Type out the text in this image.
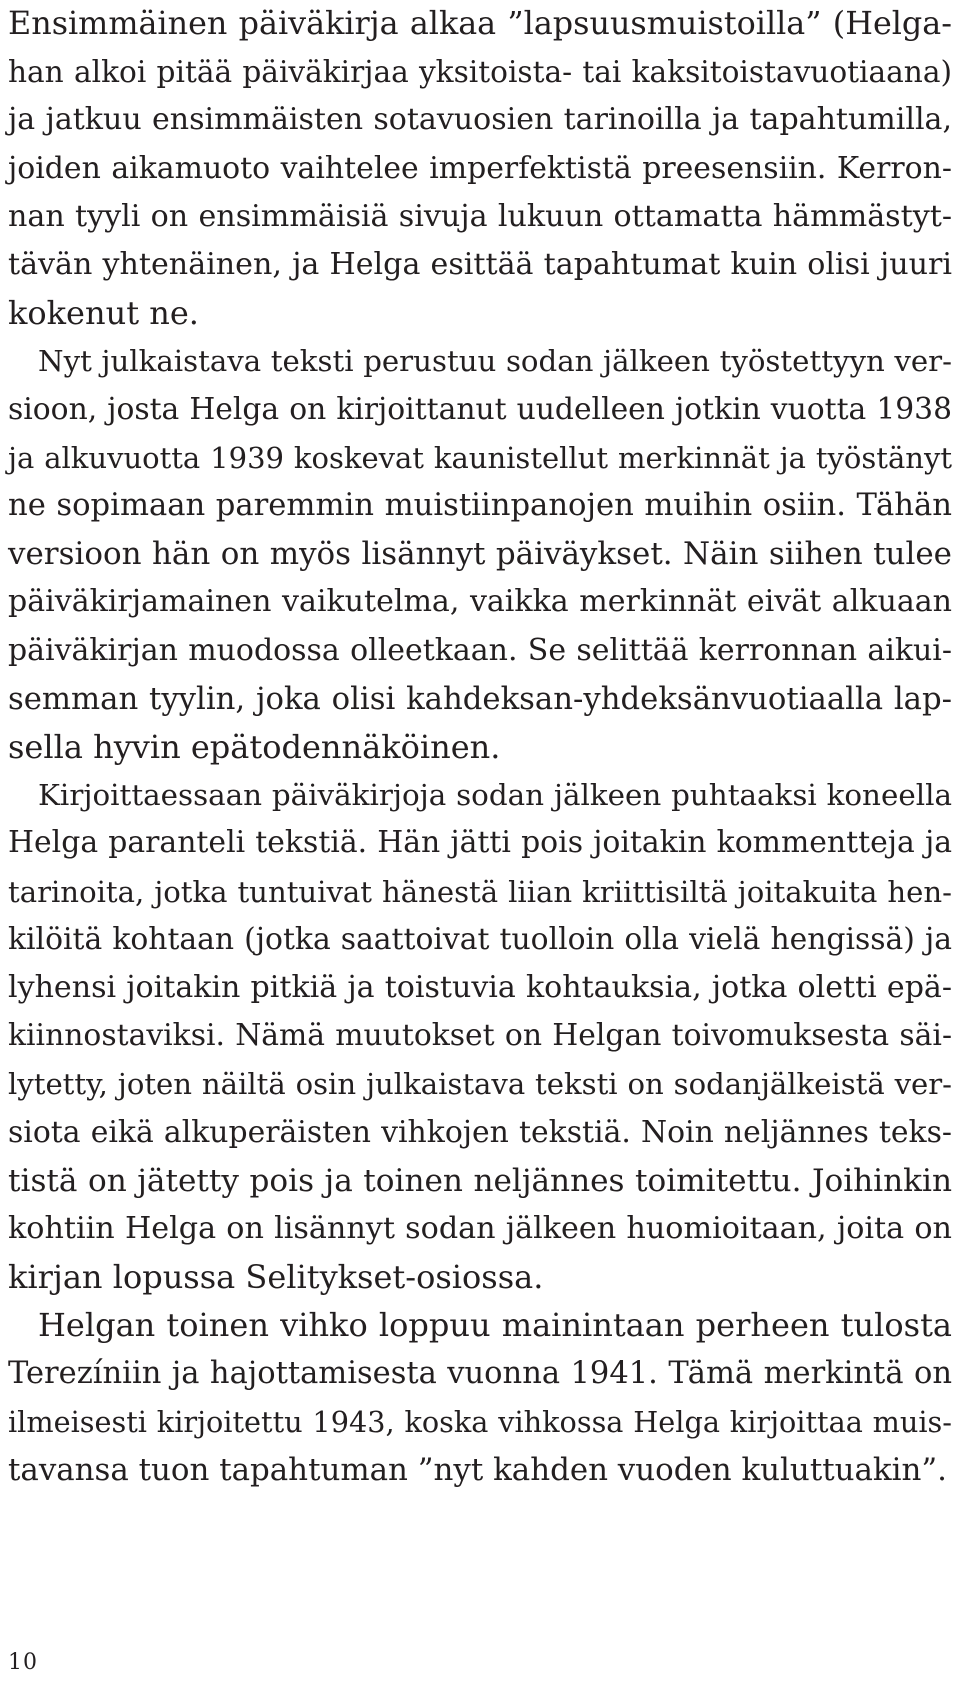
Ensimmäinen päiväkirja alkaa ”lapsuusmuistoilla” (Helga-
han alkoi pitää päiväkirjaa yksitoista- tai kaksitoistavuotiaana)
ja jatkuu ensimmäisten sotavuosien tarinoilla ja tapahtumilla,
joiden aikamuoto vaihtelee imperfektistä preesensiin. Kerron-
nan tyyli on ensimmäisiä sivuja lukuun ottamatta hämmästyt-
tävän yhtenäinen, ja Helga esittää tapahtumat kuin olisi juuri
kokenut ne.

Nyt julkaistava teksti perustuu sodan jälkeen työstettyyn ver-
sioon, josta Helga on kirjoittanut uudelleen jotkin vuotta 1938
ja alkuvuotta 1939 koskevat kaunistellut merkinnät ja työstänyt
ne sopimaan paremmin muistiinpanojen muihin osiin. Tähän
versioon hän on myös lisännyt päiväykset. Näin siihen tulee
päiväkirjamainen vaikutelma, vaikka merkinnät eivät alkuaan
päiväkirjan muodossa olleetkaan. Se selittää kerronnan aikui-
semman tyylin, joka olisi kahdeksan-yhdeksänvuotiaalla lap-
sella hyvin epätodennäköinen.

Kirjoittaessaan päiväkirjoja sodan jälkeen puhtaaksi koneella
Helga paranteli tekstiä. Hän jätti pois joitakin kommentteja ja
tarinoita, jotka tuntuivat hänestä liian kriittisiltä joitakuita hen-
kilöitä kohtaan (jotka saattoivat tuolloin olla vielä hengissä) ja
lyhensi joitakin pitkiä ja toistuvia kohtauksia, jotka oletti epä-
kiinnostaviksi. Nämä muutokset on Helgan toivomuksesta säi-
lytetty, joten näiltä osin julkaistava teksti on sodanjälkeistä ver-
siota eikä alkuperäisten vihkojen tekstiä. Noin neljännes teks-
tistä on jätetty pois ja toinen neljännes toimitettu. Joihinkin
kohtiin Helga on lisännyt sodan jälkeen huomioitaan, joita on
kirjan lopussa Selitykset-osiossa.

Helgan toinen vihko loppuu mainintaan perheen tulosta
Terezíniin ja hajottamisesta vuonna 1941. Tämä merkintä on
ilmeisesti kirjoitettu 1943, koska vihkossa Helga kirjoittaa muis-
tavansa tuon tapahtuman ”nyt kahden vuoden kuluttuakin”.

10
